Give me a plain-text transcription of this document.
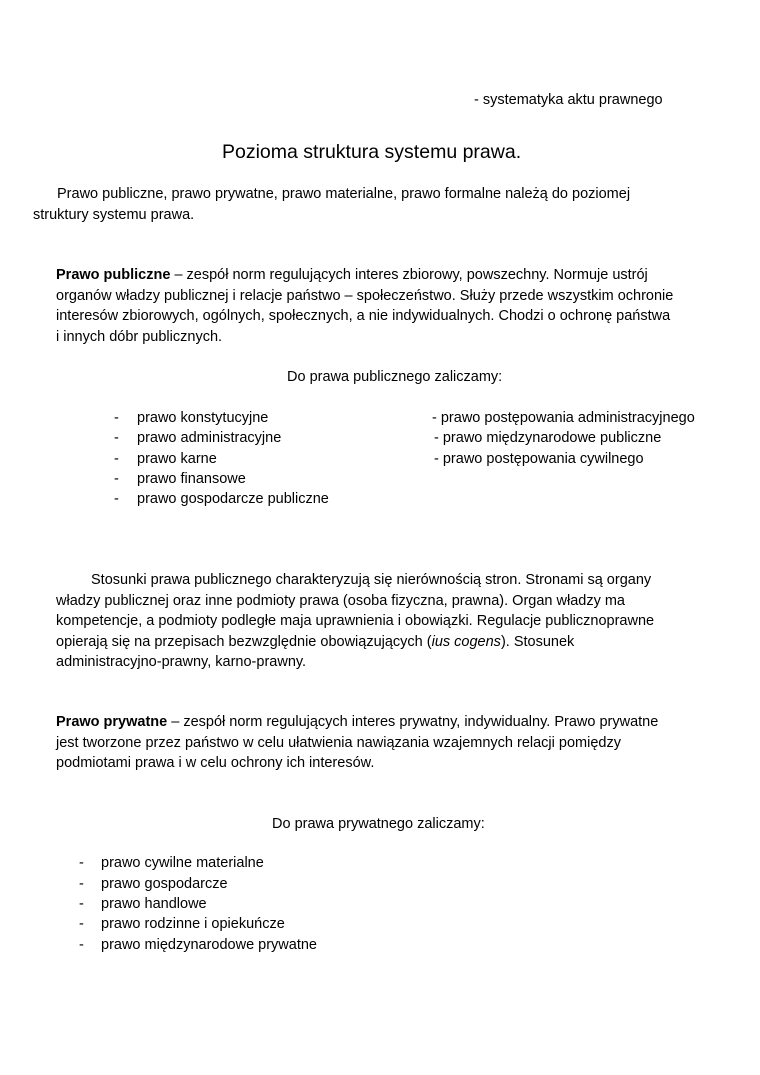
- systematyka aktu prawnego
Pozioma struktura systemu prawa.
Prawo publiczne, prawo prywatne, prawo materialne, prawo formalne należą do poziomej
struktury systemu prawa.
Prawo publiczne – zespół norm regulujących interes zbiorowy, powszechny. Normuje ustrój
organów władzy publicznej i relacje państwo – społeczeństwo. Służy przede wszystkim ochronie
interesów zbiorowych, ogólnych, społecznych, a nie indywidualnych. Chodzi o ochronę państwa
i innych dóbr publicznych.
Do prawa publicznego zaliczamy:
- prawo konstytucyjne
- prawo administracyjne
- prawo karne
- prawo finansowe
- prawo gospodarcze publiczne
- prawo postępowania administracyjnego
- prawo międzynarodowe publiczne
- prawo postępowania cywilnego
Stosunki prawa publicznego charakteryzują się nierównością stron. Stronami są organy
władzy publicznej oraz inne podmioty prawa (osoba fizyczna, prawna). Organ władzy ma
kompetencje, a podmioty podległe maja uprawnienia i obowiązki. Regulacje publicznoprawne
opierają się na przepisach bezwzględnie obowiązujących (ius cogens). Stosunek
administracyjno-prawny, karno-prawny.
Prawo prywatne – zespół norm regulujących interes prywatny, indywidualny. Prawo prywatne
jest tworzone przez państwo w celu ułatwienia nawiązania wzajemnych relacji pomiędzy
podmiotami prawa i w celu ochrony ich interesów.
Do prawa prywatnego zaliczamy:
- prawo cywilne materialne
- prawo gospodarcze
- prawo handlowe
- prawo rodzinne i opiekuńcze
- prawo międzynarodowe prywatne
